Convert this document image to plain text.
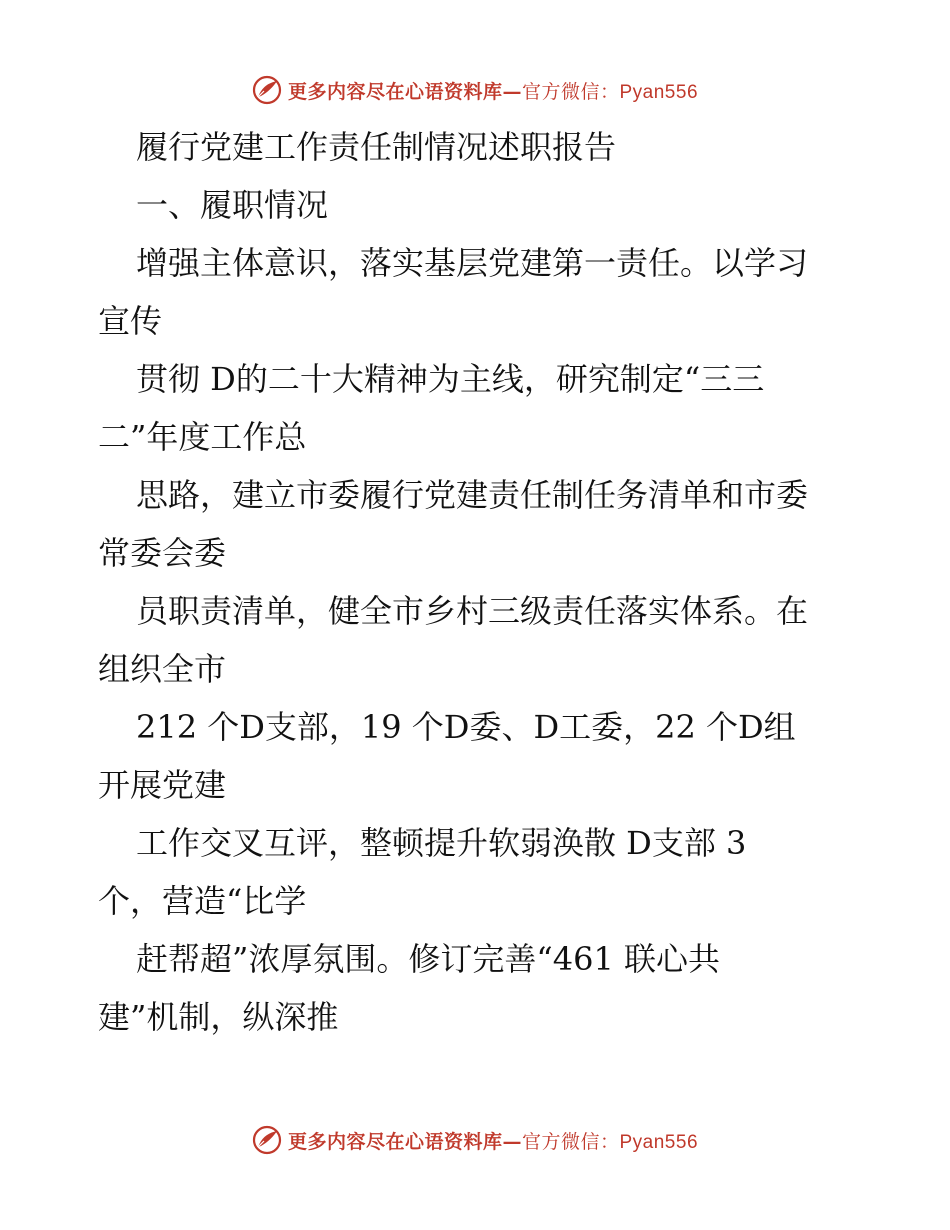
更多内容尽在心语资料库—官方微信：Pyan556
履行党建工作责任制情况述职报告
一、履职情况
增强主体意识，落实基层党建第一责任。以学习
宣传
贯彻 D的二十大精神为主线，研究制定“三三
二”年度工作总
思路，建立市委履行党建责任制任务清单和市委
常委会委
员职责清单，健全市乡村三级责任落实体系。在
组织全市
212 个D支部，19 个D委、D工委，22 个D组
开展党建
工作交叉互评，整顿提升软弱涣散 D支部 3
个，营造“比学
赶帮超”浓厚氛围。修订完善“461 联心共
建”机制，纵深推
更多内容尽在心语资料库—官方微信：Pyan556
